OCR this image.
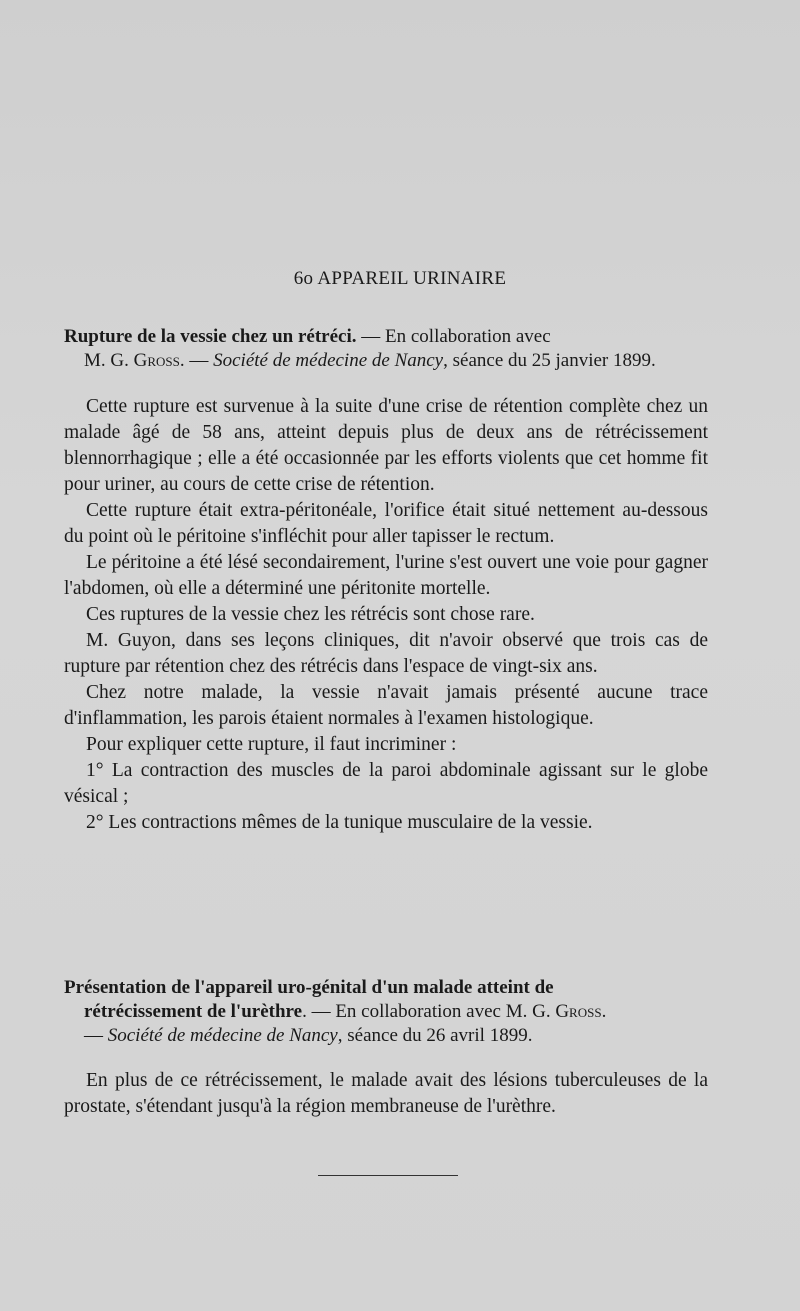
6o APPAREIL URINAIRE
Rupture de la vessie chez un rétréci. — En collaboration avec
M. G. Gross. — Société de médecine de Nancy, séance du 25 janvier 1899.

Cette rupture est survenue à la suite d'une crise de rétention complète chez un malade âgé de 58 ans, atteint depuis plus de deux ans de rétrécissement blennorrhagique ; elle a été occasionnée par les efforts violents que cet homme fit pour uriner, au cours de cette crise de rétention.

Cette rupture était extra-péritonéale, l'orifice était situé nettement au-dessous du point où le péritoine s'infléchit pour aller tapisser le rectum.

Le péritoine a été lésé secondairement, l'urine s'est ouvert une voie pour gagner l'abdomen, où elle a déterminé une péritonite mortelle.

Ces ruptures de la vessie chez les rétrécis sont chose rare.

M. Guyon, dans ses leçons cliniques, dit n'avoir observé que trois cas de rupture par rétention chez des rétrécis dans l'espace de vingt-six ans.

Chez notre malade, la vessie n'avait jamais présenté aucune trace d'inflammation, les parois étaient normales à l'examen histologique.

Pour expliquer cette rupture, il faut incriminer :

1° La contraction des muscles de la paroi abdominale agissant sur le globe vésical ;

2° Les contractions mêmes de la tunique musculaire de la vessie.

Présentation de l'appareil uro-génital d'un malade atteint de
rétrécissement de l'urèthre. — En collaboration avec M. G. Gross.
— Société de médecine de Nancy, séance du 26 avril 1899.

En plus de ce rétrécissement, le malade avait des lésions tuberculeuses de la prostate, s'étendant jusqu'à la région membraneuse de l'urèthre.
